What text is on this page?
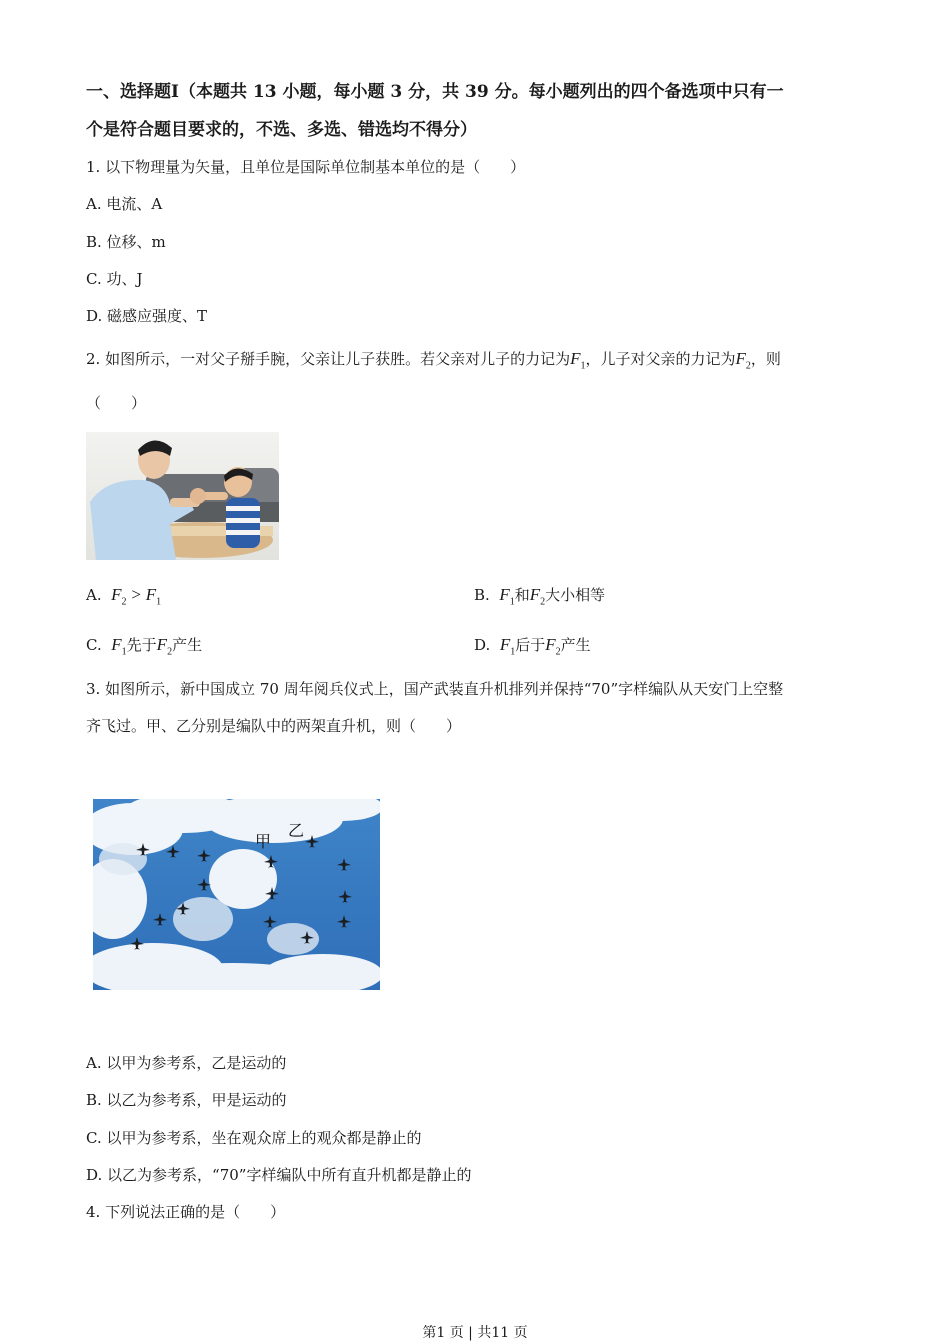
一、选择题Ⅰ（本题共 13 小题，每小题 3 分，共 39 分。每小题列出的四个备选项中只有一
个是符合题目要求的，不选、多选、错选均不得分）
1. 以下物理量为矢量，且单位是国际单位制基本单位的是（　　）
A. 电流、A
B. 位移、m
C. 功、J
D. 磁感应强度、T
2. 如图所示，一对父子掰手腕，父亲让儿子获胜。若父亲对儿子的力记为$F_1$，儿子对父亲的力记为$F_2$，则
（　　）
A. $F_2 > F_1$	B. $F_1$和$F_2$大小相等
C. $F_1$先于$F_2$产生	D. $F_1$后于$F_2$产生
3. 如图所示，新中国成立 70 周年阅兵仪式上，国产武装直升机排列并保持“70”字样编队从天安门上空整
齐飞过。甲、乙分别是编队中的两架直升机，则（　　）
甲
乙
A. 以甲为参考系，乙是运动的
B. 以乙为参考系，甲是运动的
C. 以甲为参考系，坐在观众席上的观众都是静止的
D. 以乙为参考系，“70”字样编队中所有直升机都是静止的
4. 下列说法正确的是（　　）
第1 页 | 共11 页
